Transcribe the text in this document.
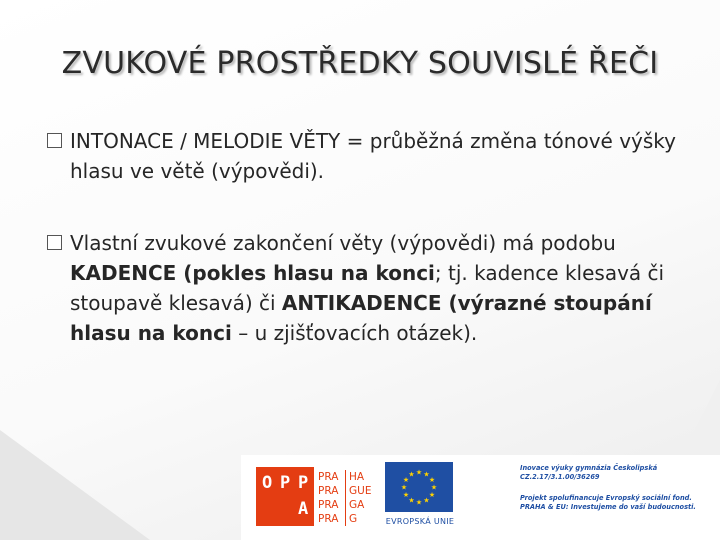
ZVUKOVÉ PROSTŘEDKY SOUVISLÉ ŘEČI
INTONACE / MELODIE VĚTY = průběžná změna tónové výšky hlasu ve větě (výpovědi).
Vlastní zvukové zakončení věty (výpovědi) má podobu KADENCE (pokles hlasu na konci; tj. kadence klesavá či stoupavě klesavá) či ANTIKADENCE (výrazné stoupání hlasu na konci – u zjišťovacích otázek).
O P P
A
PRA HA
PRA GUE
PRA GA
PRA G
★
★
★
★
★
★
★
★
★ ★ ★
★
EVROPSKÁ UNIE
Inovace výuky gymnázia Českolipská
CZ.2.17/3.1.00/36269
Projekt spolufinancuje Evropský sociální fond.
PRAHA & EU: Investujeme do vaší budoucnosti.
